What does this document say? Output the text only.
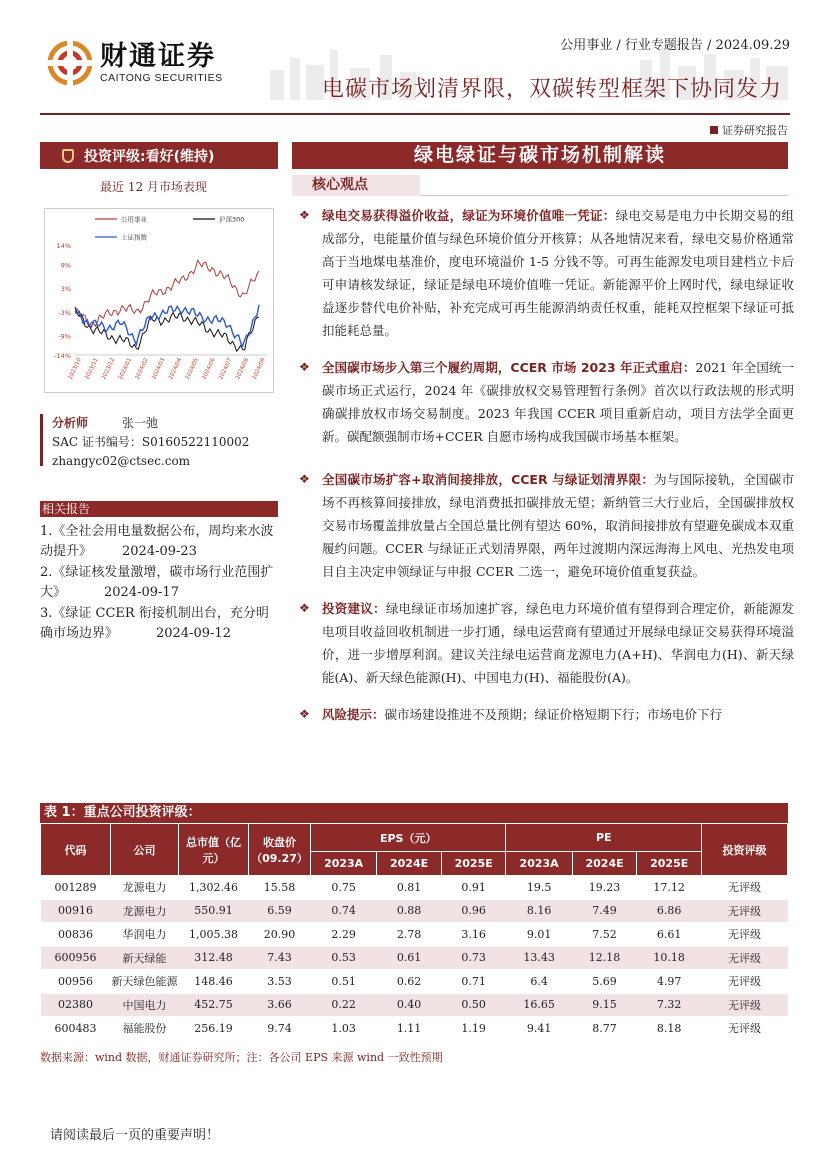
财通证券
CAITONG SECURITIES
公用事业 / 行业专题报告 / 2024.09.29
电碳市场划清界限，双碳转型框架下协同发力
证券研究报告
投资评级:看好(维持)
最近 12 月市场表现
14%
9%
3%
-3%
-9%
-14%
2023/10 2023/11 2023/12 2024/01 2024/02 2024/03 2024/04 2024/05 2024/06 2024/07 2024/08 2024/09
公用事业	沪深300
上证指数
分析师	张一弛
SAC 证书编号：S0160522110002
zhangyc02@ctsec.com
相关报告
1.《全社会用电量数据公布，周均来水波动提升》 2024-09-23
2.《绿证核发量激增，碳市场行业范围扩大》	2024-09-17
3.《绿证 CCER 衔接机制出台，充分明确市场边界》	2024-09-12
绿电绿证与碳市场机制解读
核心观点
❖ 绿电交易获得溢价收益，绿证为环境价值唯一凭证：绿电交易是电力中长期交易的组成部分，电能量价值与绿色环境价值分开核算；从各地情况来看，绿电交易价格通常高于当地煤电基准价，度电环境溢价 1-5 分钱不等。可再生能源发电项目建档立卡后可申请核发绿证，绿证是绿电环境价值唯一凭证。新能源平价上网时代，绿电绿证收益逐步替代电价补贴，补充完成可再生能源消纳责任权重，能耗双控框架下绿证可抵扣能耗总量。
❖ 全国碳市场步入第三个履约周期，CCER 市场 2023 年正式重启：2021 年全国统一碳市场正式运行，2024 年《碳排放权交易管理暂行条例》首次以行政法规的形式明确碳排放权市场交易制度。2023 年我国 CCER 项目重新启动，项目方法学全面更新。碳配额强制市场+CCER 自愿市场构成我国碳市场基本框架。
❖ 全国碳市场扩容+取消间接排放，CCER 与绿证划清界限：为与国际接轨，全国碳市场不再核算间接排放，绿电消费抵扣碳排放无望；新纳管三大行业后，全国碳排放权交易市场覆盖排放量占全国总量比例有望达 60%，取消间接排放有望避免碳成本双重履约问题。CCER 与绿证正式划清界限，两年过渡期内深远海海上风电、光热发电项目自主决定申领绿证与申报 CCER 二选一，避免环境价值重复获益。
❖ 投资建议：绿电绿证市场加速扩容，绿色电力环境价值有望得到合理定价，新能源发电项目收益回收机制进一步打通，绿电运营商有望通过开展绿电绿证交易获得环境溢价，进一步增厚利润。建议关注绿电运营商龙源电力(A+H)、华润电力(H)、新天绿能(A)、新天绿色能源(H)、中国电力(H)、福能股份(A)。
❖ 风险提示：碳市场建设推进不及预期；绿证价格短期下行；市场电价下行
表 1：重点公司投资评级：
代码	公司	总市值（亿元）	收盘价（09.27）	EPS（元）			PE			投资评级
				2023A	2024E	2025E	2023A	2024E	2025E	
001289	龙源电力	1,302.46	15.58	0.75	0.81	0.91	19.5	19.23	17.12	无评级
00916	龙源电力	550.91	6.59	0.74	0.88	0.96	8.16	7.49	6.86	无评级
00836	华润电力	1,005.38	20.90	2.29	2.78	3.16	9.01	7.52	6.61	无评级
600956	新天绿能	312.48	7.43	0.53	0.61	0.73	13.43	12.18	10.18	无评级
00956	新天绿色能源	148.46	3.53	0.51	0.62	0.71	6.4	5.69	4.97	无评级
02380	中国电力	452.75	3.66	0.22	0.40	0.50	16.65	9.15	7.32	无评级
600483	福能股份	256.19	9.74	1.03	1.11	1.19	9.41	8.77	8.18	无评级
数据来源：wind 数据，财通证券研究所；注：各公司 EPS 来源 wind 一致性预期
请阅读最后一页的重要声明！
